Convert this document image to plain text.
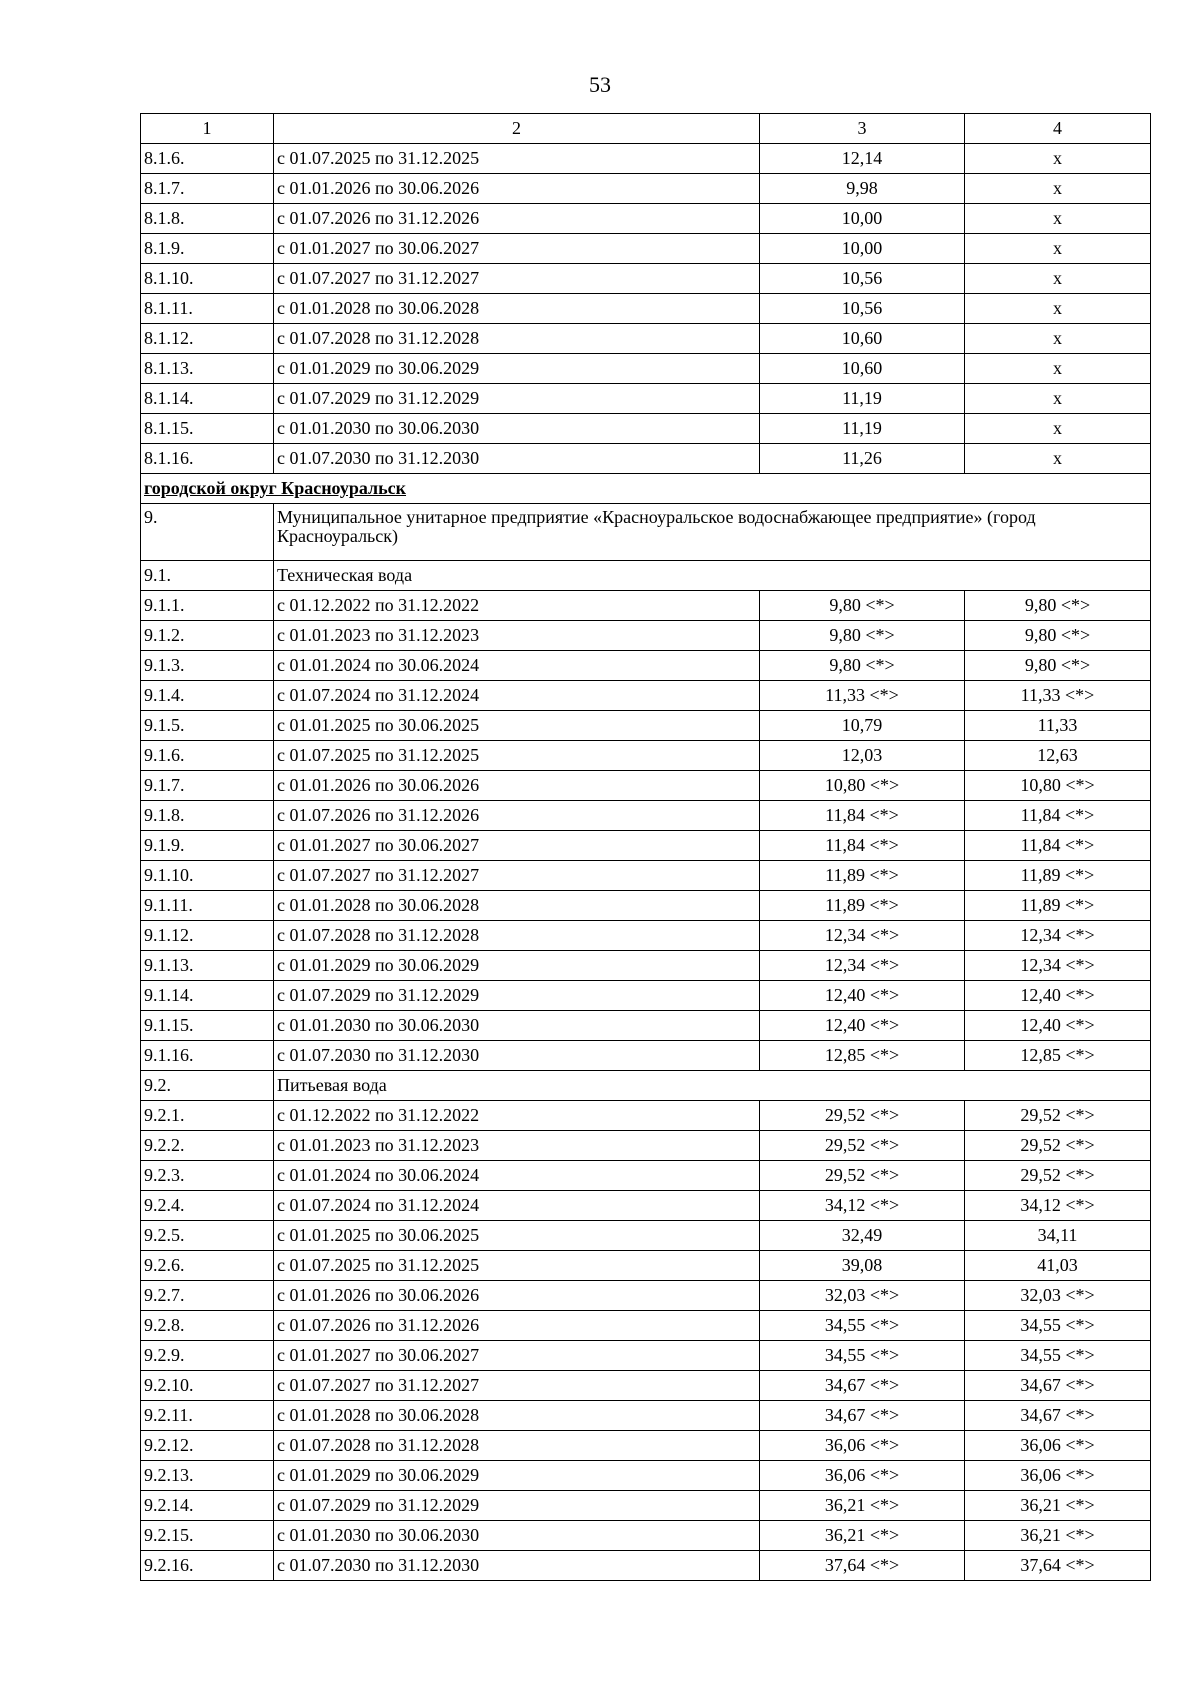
53
1	2	3	4
8.1.6.	с 01.07.2025 по 31.12.2025	12,14	х
8.1.7.	с 01.01.2026 по 30.06.2026	9,98	х
8.1.8.	с 01.07.2026 по 31.12.2026	10,00	х
8.1.9.	с 01.01.2027 по 30.06.2027	10,00	х
8.1.10.	с 01.07.2027 по 31.12.2027	10,56	х
8.1.11.	с 01.01.2028 по 30.06.2028	10,56	х
8.1.12.	с 01.07.2028 по 31.12.2028	10,60	х
8.1.13.	с 01.01.2029 по 30.06.2029	10,60	х
8.1.14.	с 01.07.2029 по 31.12.2029	11,19	х
8.1.15.	с 01.01.2030 по 30.06.2030	11,19	х
8.1.16.	с 01.07.2030 по 31.12.2030	11,26	х
городской округ Красноуральск			
9.	Муниципальное унитарное предприятие «Красноуральское водоснабжающее предприятие» (город Красноуральск)		
9.1.	Техническая вода		
9.1.1.	с 01.12.2022 по 31.12.2022	9,80 <*>	9,80 <*>
9.1.2.	с 01.01.2023 по 31.12.2023	9,80 <*>	9,80 <*>
9.1.3.	с 01.01.2024 по 30.06.2024	9,80 <*>	9,80 <*>
9.1.4.	с 01.07.2024 по 31.12.2024	11,33 <*>	11,33 <*>
9.1.5.	с 01.01.2025 по 30.06.2025	10,79	11,33
9.1.6.	с 01.07.2025 по 31.12.2025	12,03	12,63
9.1.7.	с 01.01.2026 по 30.06.2026	10,80 <*>	10,80 <*>
9.1.8.	с 01.07.2026 по 31.12.2026	11,84 <*>	11,84 <*>
9.1.9.	с 01.01.2027 по 30.06.2027	11,84 <*>	11,84 <*>
9.1.10.	с 01.07.2027 по 31.12.2027	11,89 <*>	11,89 <*>
9.1.11.	с 01.01.2028 по 30.06.2028	11,89 <*>	11,89 <*>
9.1.12.	с 01.07.2028 по 31.12.2028	12,34 <*>	12,34 <*>
9.1.13.	с 01.01.2029 по 30.06.2029	12,34 <*>	12,34 <*>
9.1.14.	с 01.07.2029 по 31.12.2029	12,40 <*>	12,40 <*>
9.1.15.	с 01.01.2030 по 30.06.2030	12,40 <*>	12,40 <*>
9.1.16.	с 01.07.2030 по 31.12.2030	12,85 <*>	12,85 <*>
9.2.	Питьевая вода		
9.2.1.	с 01.12.2022 по 31.12.2022	29,52 <*>	29,52 <*>
9.2.2.	с 01.01.2023 по 31.12.2023	29,52 <*>	29,52 <*>
9.2.3.	с 01.01.2024 по 30.06.2024	29,52 <*>	29,52 <*>
9.2.4.	с 01.07.2024 по 31.12.2024	34,12 <*>	34,12 <*>
9.2.5.	с 01.01.2025 по 30.06.2025	32,49	34,11
9.2.6.	с 01.07.2025 по 31.12.2025	39,08	41,03
9.2.7.	с 01.01.2026 по 30.06.2026	32,03 <*>	32,03 <*>
9.2.8.	с 01.07.2026 по 31.12.2026	34,55 <*>	34,55 <*>
9.2.9.	с 01.01.2027 по 30.06.2027	34,55 <*>	34,55 <*>
9.2.10.	с 01.07.2027 по 31.12.2027	34,67 <*>	34,67 <*>
9.2.11.	с 01.01.2028 по 30.06.2028	34,67 <*>	34,67 <*>
9.2.12.	с 01.07.2028 по 31.12.2028	36,06 <*>	36,06 <*>
9.2.13.	с 01.01.2029 по 30.06.2029	36,06 <*>	36,06 <*>
9.2.14.	с 01.07.2029 по 31.12.2029	36,21 <*>	36,21 <*>
9.2.15.	с 01.01.2030 по 30.06.2030	36,21 <*>	36,21 <*>
9.2.16.	с 01.07.2030 по 31.12.2030	37,64 <*>	37,64 <*>
